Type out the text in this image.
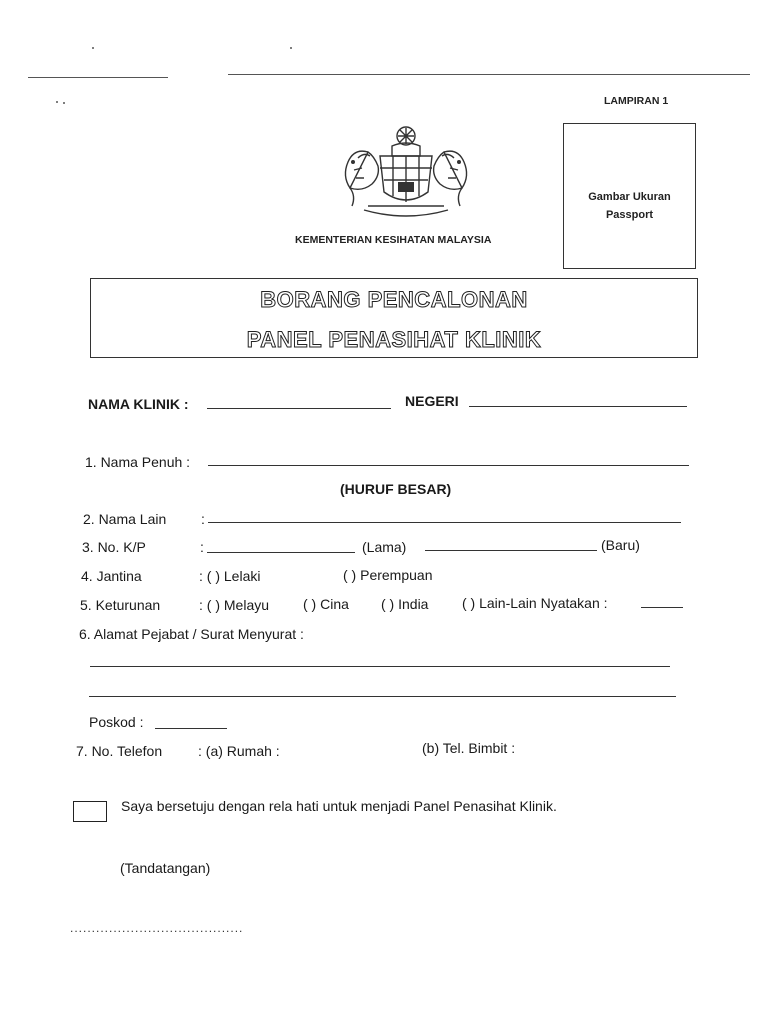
LAMPIRAN 1
KEMENTERIAN KESIHATAN MALAYSIA
Gambar Ukuran
Passport
BORANG PENCALONAN
PANEL PENASIHAT KLINIK
NAMA KLINIK :	NEGERI
1. Nama Penuh :
(HURUF BESAR)
2. Nama Lain :
3. No. K/P	:	(Lama)	(Baru)
4. Jantina	: ( ) Lelaki	( ) Perempuan
5. Keturunan	: ( ) Melayu ( ) Cina ( ) India ( ) Lain-Lain Nyatakan :
6. Alamat Pejabat / Surat Menyurat :
Poskod :
7. No. Telefon	: (a) Rumah :	(b) Tel. Bimbit :
Saya bersetuju dengan rela hati untuk menjadi Panel Penasihat Klinik.
(Tandatangan)
........................................
